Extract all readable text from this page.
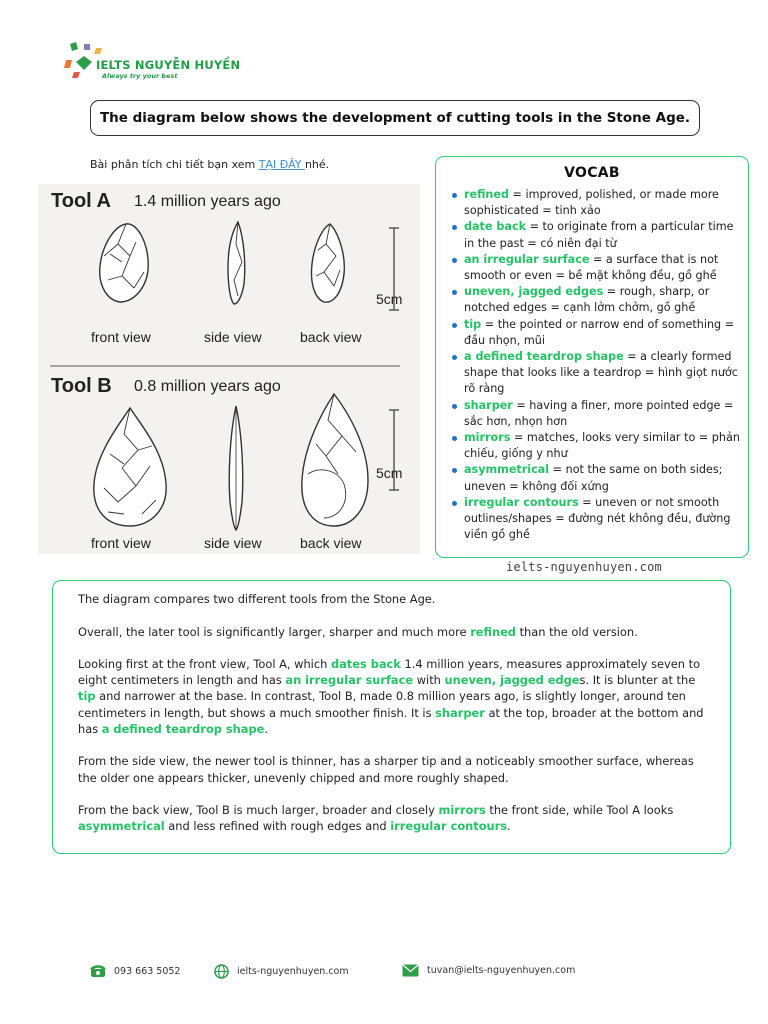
IELTS NGUYỄN HUYỀN
Always try your best
The diagram below shows the development of cutting tools in the Stone Age.
Bài phân tích chi tiết bạn xem TẠI ĐÂY nhé.
Tool A 1.4 million years ago
5cm
front view	side view	back view
Tool B 0.8 million years ago
5cm
front view	side view	back view
VOCAB
refined = improved, polished, or made more sophisticated = tinh xảo
date back = to originate from a particular time in the past = có niên đại từ
an irregular surface = a surface that is not smooth or even = bề mặt không đều, gồ ghề
uneven, jagged edges = rough, sharp, or notched edges = cạnh lởm chởm, gồ ghề
tip = the pointed or narrow end of something = đầu nhọn, mũi
a defined teardrop shape = a clearly formed shape that looks like a teardrop = hình giọt nước rõ ràng
sharper = having a finer, more pointed edge = sắc hơn, nhọn hơn
mirrors = matches, looks very similar to = phản chiếu, giống y như
asymmetrical = not the same on both sides; uneven = không đối xứng
irregular contours = uneven or not smooth outlines/shapes = đường nét không đều, đường viền gồ ghề
ielts-nguyenhuyen.com

The diagram compares two different tools from the Stone Age.

Overall, the later tool is significantly larger, sharper and much more refined than the old version.

Looking first at the front view, Tool A, which dates back 1.4 million years, measures approximately seven to eight centimeters in length and has an irregular surface with uneven, jagged edges. It is blunter at the tip and narrower at the base. In contrast, Tool B, made 0.8 million years ago, is slightly longer, around ten centimeters in length, but shows a much smoother finish. It is sharper at the top, broader at the bottom and has a defined teardrop shape.

From the side view, the newer tool is thinner, has a sharper tip and a noticeably smoother surface, whereas the older one appears thicker, unevenly chipped and more roughly shaped.

From the back view, Tool B is much larger, broader and closely mirrors the front side, while Tool A looks asymmetrical and less refined with rough edges and irregular contours.

093 663 5052	ielts-nguyenhuyen.com	tuvan@ielts-nguyenhuyen.com
